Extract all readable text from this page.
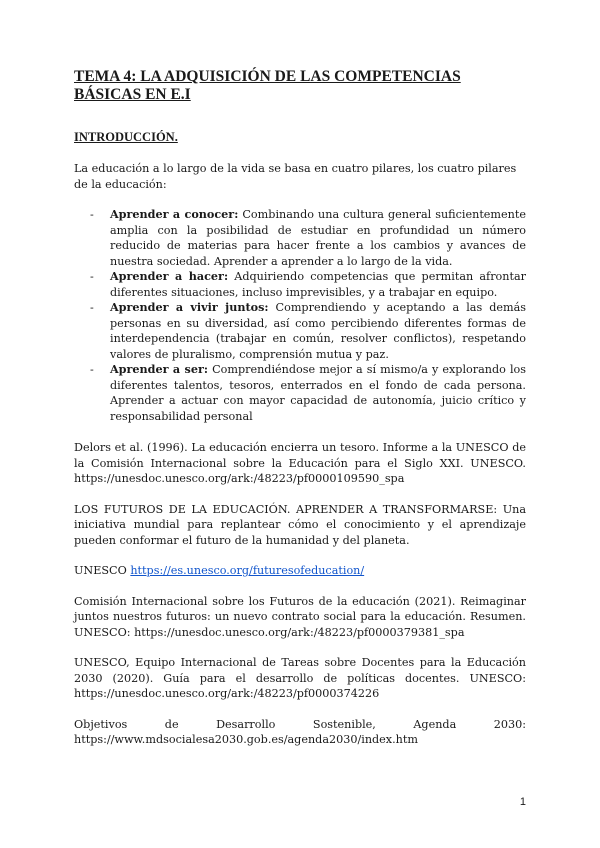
TEMA 4: LA ADQUISICIÓN DE LAS COMPETENCIAS BÁSICAS EN E.I
INTRODUCCIÓN.

La educación a lo largo de la vida se basa en cuatro pilares, los cuatro pilares de la educación:

- Aprender a conocer: Combinando una cultura general suficientemente amplia con la posibilidad de estudiar en profundidad un número reducido de materias para hacer frente a los cambios y avances de nuestra sociedad. Aprender a aprender a lo largo de la vida.
- Aprender a hacer: Adquiriendo competencias que permitan afrontar diferentes situaciones, incluso imprevisibles, y a trabajar en equipo.
- Aprender a vivir juntos: Comprendiendo y aceptando a las demás personas en su diversidad, así como percibiendo diferentes formas de interdependencia (trabajar en común, resolver conflictos), respetando valores de pluralismo, comprensión mutua y paz.
- Aprender a ser: Comprendiéndose mejor a sí mismo/a y explorando los diferentes talentos, tesoros, enterrados en el fondo de cada persona. Aprender a actuar con mayor capacidad de autonomía, juicio crítico y responsabilidad personal

Delors et al. (1996). La educación encierra un tesoro. Informe a la UNESCO de la Comisión Internacional sobre la Educación para el Siglo XXI. UNESCO. https://unesdoc.unesco.org/ark:/48223/pf0000109590_spa

LOS FUTUROS DE LA EDUCACIÓN. APRENDER A TRANSFORMARSE: Una iniciativa mundial para replantear cómo el conocimiento y el aprendizaje pueden conformar el futuro de la humanidad y del planeta.

UNESCO https://es.unesco.org/futuresofeducation/

Comisión Internacional sobre los Futuros de la educación (2021). Reimaginar juntos nuestros futuros: un nuevo contrato social para la educación. Resumen. UNESCO: https://unesdoc.unesco.org/ark:/48223/pf0000379381_spa

UNESCO, Equipo Internacional de Tareas sobre Docentes para la Educación 2030 (2020). Guía para el desarrollo de políticas docentes. UNESCO: https://unesdoc.unesco.org/ark:/48223/pf0000374226

Objetivos de Desarrollo Sostenible, Agenda 2030:
https://www.mdsocialesa2030.gob.es/agenda2030/index.htm

1
